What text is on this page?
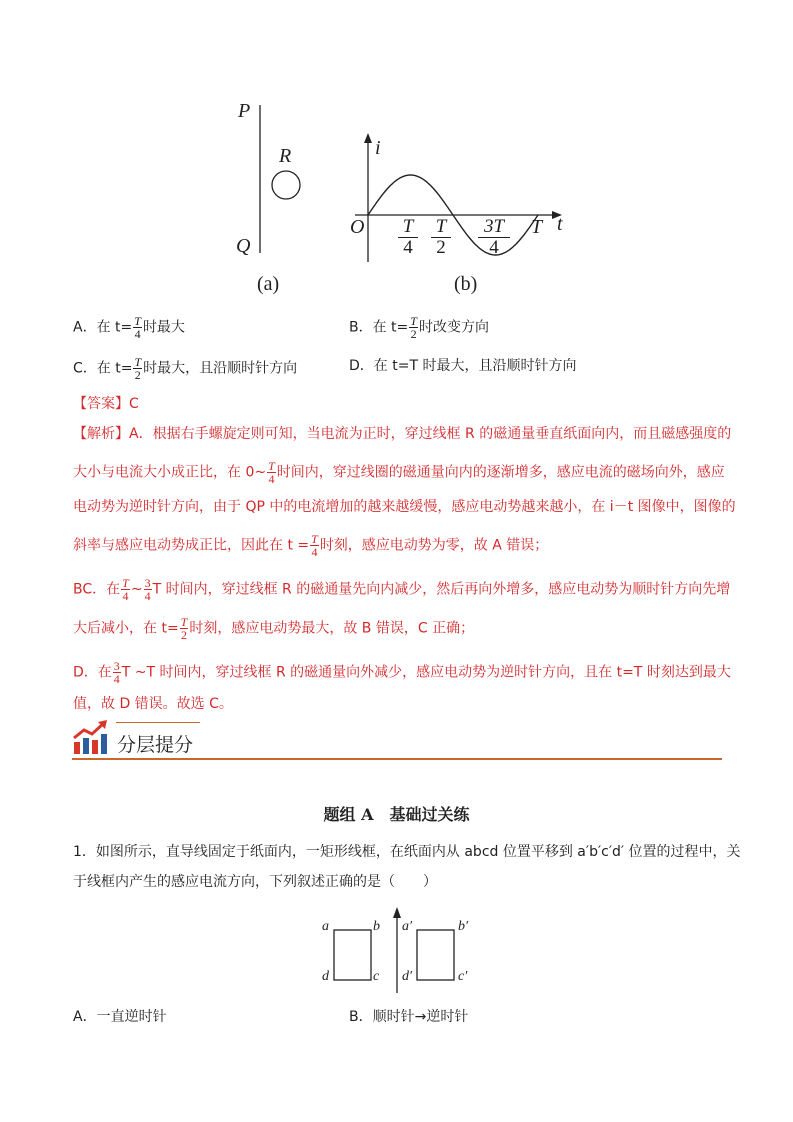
P
Q
R
(a)
i
O	t
T
$\frac{T}{4} \frac{T}{2} \frac{3T}{4}$
(b)
A．在 $t= \frac{T}{4}$ 时最大	B．在 $t= \frac{T}{2}$ 时改变方向
C．在 $t= \frac{T}{2}$ 时最大，且沿顺时针方向	D．在 t=T 时最大，且沿顺时针方向
【答案】C
【解析】A．根据右手螺旋定则可知，当电流为正时，穿过线框 R 的磁通量垂直纸面向内，而且磁感强度的
大小与电流大小成正比，在 0~ $\frac{T}{4}$ 时间内，穿过线圈的磁通量向内的逐渐增多，感应电流的磁场向外，感应
电动势为逆时针方向，由于 QP 中的电流增加的越来越缓慢，感应电动势越来越小，在 i－t 图像中，图像的
斜率与感应电动势成正比，因此在 $t = \frac{T}{4}$ 时刻，感应电动势为零，故 A 错误；
BC．在 $\frac{T}{4}$ ~ $\frac{3}{4}$ T 时间内，穿过线框 R 的磁通量先向内减少，然后再向外增多，感应电动势为顺时针方向先增
大后减小，在 $t= \frac{T}{2}$ 时刻，感应电动势最大，故 B 错误，C 正确；
D．在 $\frac{3}{4}$ T ~T 时间内，穿过线框 R 的磁通量向外减少，感应电动势为逆时针方向，且在 t=T 时刻达到最大
值，故 D 错误。故选 C。
分层提分
题组 A　基础过关练
1．如图所示，直导线固定于纸面内，一矩形线框，在纸面内从 abcd 位置平移到 a′b′c′d′ 位置的过程中，关
于线框内产生的感应电流方向，下列叙述正确的是（　　）
a	b
d	c
a′	b′
d′	c′
A．一直逆时针	B．顺时针→逆时针
